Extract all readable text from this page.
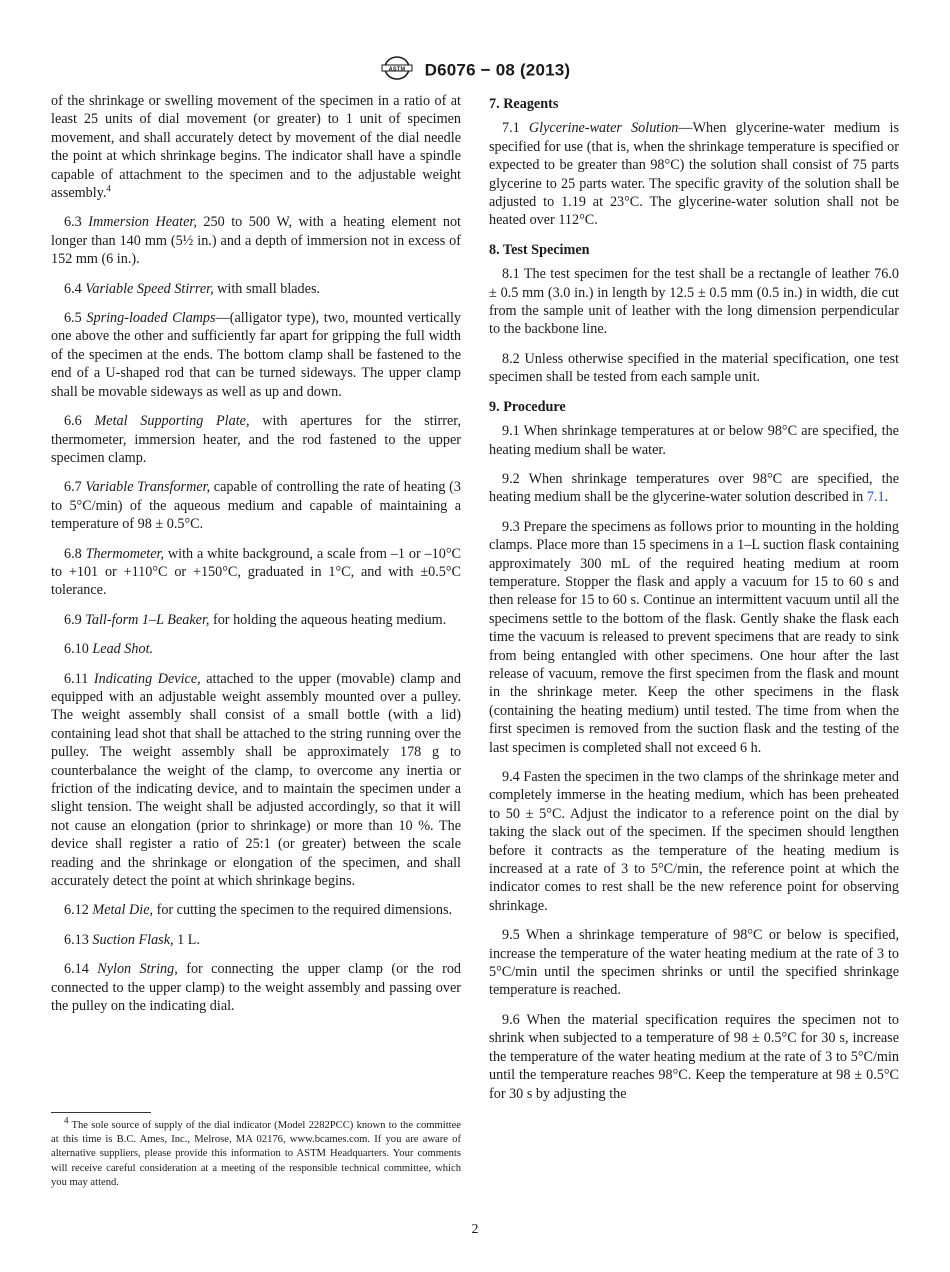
ASTM D6076 − 08 (2013)

of the shrinkage or swelling movement of the specimen in a ratio of at least 25 units of dial movement (or greater) to 1 unit of specimen movement, and shall accurately detect by movement of the dial needle the point at which shrinkage begins. The indicator shall have a spindle capable of attachment to the specimen and to the adjustable weight assembly.$^4$

6.3 Immersion Heater, 250 to 500 W, with a heating element not longer than 140 mm (5½ in.) and a depth of immersion not in excess of 152 mm (6 in.).

6.4 Variable Speed Stirrer, with small blades.

6.5 Spring-loaded Clamps—(alligator type), two, mounted vertically one above the other and sufficiently far apart for gripping the full width of the specimen at the ends. The bottom clamp shall be fastened to the end of a U-shaped rod that can be turned sideways. The upper clamp shall be movable sideways as well as up and down.

6.6 Metal Supporting Plate, with apertures for the stirrer, thermometer, immersion heater, and the rod fastened to the upper specimen clamp.

6.7 Variable Transformer, capable of controlling the rate of heating (3 to 5°C/min) of the aqueous medium and capable of maintaining a temperature of 98 ± 0.5°C.

6.8 Thermometer, with a white background, a scale from –1 or –10°C to +101 or +110°C or +150°C, graduated in 1°C, and with ±0.5°C tolerance.

6.9 Tall-form 1–L Beaker, for holding the aqueous heating medium.

6.10 Lead Shot.

6.11 Indicating Device, attached to the upper (movable) clamp and equipped with an adjustable weight assembly mounted over a pulley. The weight assembly shall consist of a small bottle (with a lid) containing lead shot that shall be attached to the string running over the pulley. The weight assembly shall be approximately 178 g to counterbalance the weight of the clamp, to overcome any inertia or friction of the indicating device, and to maintain the specimen under a slight tension. The weight shall be adjusted accordingly, so that it will not cause an elongation (prior to shrinkage) or more than 10 %. The device shall register a ratio of 25:1 (or greater) between the scale reading and the shrinkage or elongation of the specimen, and shall accurately detect the point at which shrinkage begins.

6.12 Metal Die, for cutting the specimen to the required dimensions.

6.13 Suction Flask, 1 L.

6.14 Nylon String, for connecting the upper clamp (or the rod connected to the upper clamp) to the weight assembly and passing over the pulley on the indicating dial.

$^4$ The sole source of supply of the dial indicator (Model 2282PCC) known to the committee at this time is B.C. Ames, Inc., Melrose, MA 02176, www.bcames.com. If you are aware of alternative suppliers, please provide this information to ASTM Headquarters. Your comments will receive careful consideration at a meeting of the responsible technical committee, which you may attend.
7. Reagents

7.1 Glycerine-water Solution—When glycerine-water medium is specified for use (that is, when the shrinkage temperature is specified or expected to be greater than 98°C) the solution shall consist of 75 parts glycerine to 25 parts water. The specific gravity of the solution shall be adjusted to 1.19 at 23°C. The glycerine-water solution shall not be heated over 112°C.

8. Test Specimen

8.1 The test specimen for the test shall be a rectangle of leather 76.0 ± 0.5 mm (3.0 in.) in length by 12.5 ± 0.5 mm (0.5 in.) in width, die cut from the sample unit of leather with the long dimension perpendicular to the backbone line.

8.2 Unless otherwise specified in the material specification, one test specimen shall be tested from each sample unit.

9. Procedure

9.1 When shrinkage temperatures at or below 98°C are specified, the heating medium shall be water.

9.2 When shrinkage temperatures over 98°C are specified, the heating medium shall be the glycerine-water solution described in 7.1.

9.3 Prepare the specimens as follows prior to mounting in the holding clamps. Place more than 15 specimens in a 1–L suction flask containing approximately 300 mL of the required heating medium at room temperature. Stopper the flask and apply a vacuum for 15 to 60 s and then release for 15 to 60 s. Continue an intermittent vacuum until all the specimens settle to the bottom of the flask. Gently shake the flask each time the vacuum is released to prevent specimens that are ready to sink from being entangled with other specimens. One hour after the last release of vacuum, remove the first specimen from the flask and mount in the shrinkage meter. Keep the other specimens in the flask (containing the heating medium) until tested. The time from when the first specimen is removed from the suction flask and the testing of the last specimen is completed shall not exceed 6 h.

9.4 Fasten the specimen in the two clamps of the shrinkage meter and completely immerse in the heating medium, which has been preheated to 50 ± 5°C. Adjust the indicator to a reference point on the dial by taking the slack out of the specimen. If the specimen should lengthen before it contracts as the temperature of the heating medium is increased at a rate of 3 to 5°C/min, the reference point at which the indicator comes to rest shall be the new reference point for observing shrinkage.

9.5 When a shrinkage temperature of 98°C or below is specified, increase the temperature of the water heating medium at the rate of 3 to 5°C/min until the specimen shrinks or until the specified shrinkage temperature is reached.

9.6 When the material specification requires the specimen not to shrink when subjected to a temperature of 98 ± 0.5°C for 30 s, increase the temperature of the water heating medium at the rate of 3 to 5°C/min until the temperature reaches 98°C. Keep the temperature at 98 ± 0.5°C for 30 s by adjusting the

2
